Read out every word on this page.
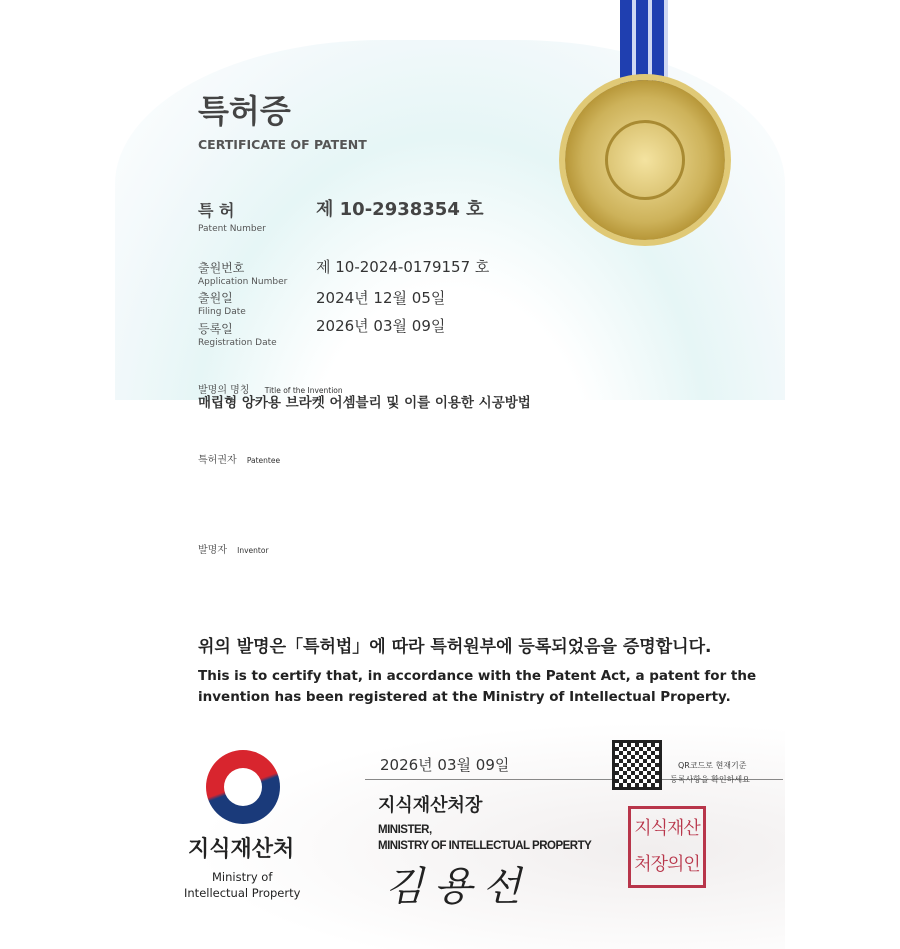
특허증
CERTIFICATE OF PATENT
특 허
Patent Number
제 10-2938354 호
출원번호
Application Number
제 10-2024-0179157 호
출원일
Filing Date
2024년 12월 05일
등록일
Registration Date
2026년 03월 09일
발명의 명칭 Title of the Invention
매립형 앙카용 브라켓 어셈블리 및 이를 이용한 시공방법
특허권자 Patentee
발명자 Inventor
위의 발명은「특허법」에 따라 특허원부에 등록되었음을 증명합니다.
This is to certify that, in accordance with the Patent Act, a patent for the
invention has been registered at the Ministry of Intellectual Property.
지식재산처
Ministry of
Intellectual Property
2026년 03월 09일	QR코드로 현재기준
등록사항을 확인하세요
지식재산처장
MINISTER,
MINISTRY OF INTELLECTUAL PROPERTY
지식재산처장의인
김용선
